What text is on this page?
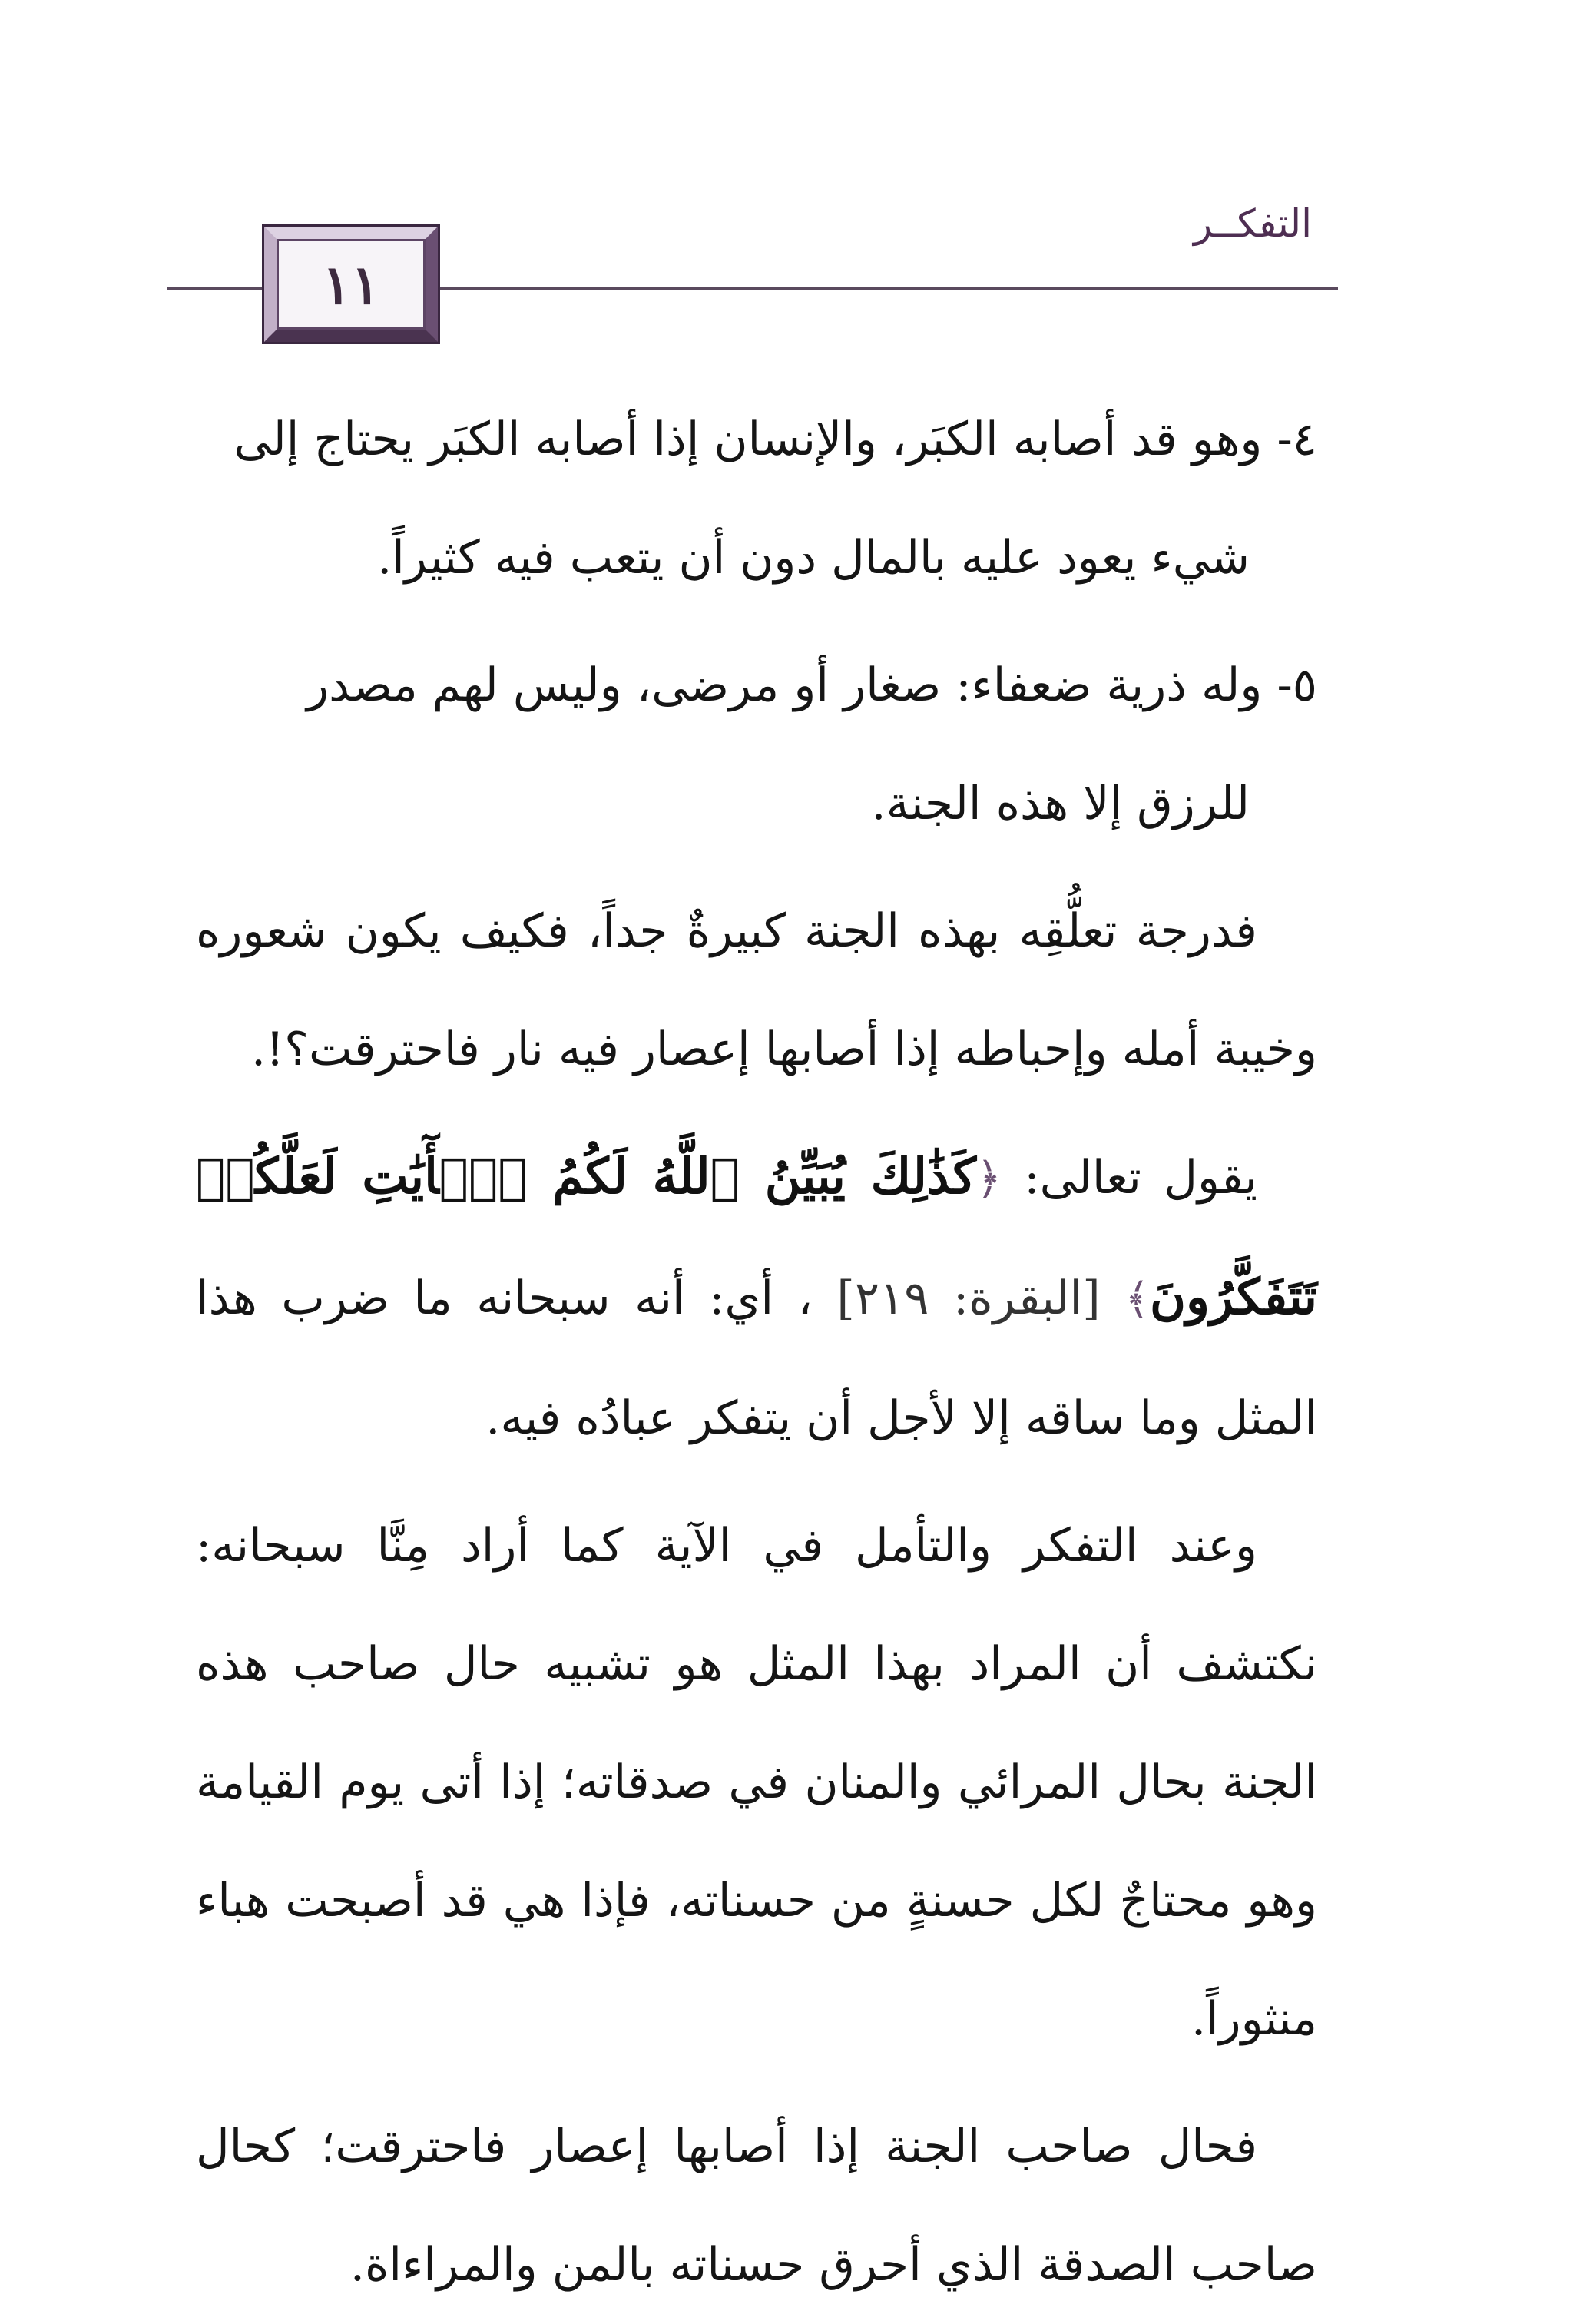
التفكــر
١١

٤- وهو قد أصابه الكبَر، والإنسان إذا أصابه الكبَر يحتاج إلى

شيء يعود عليه بالمال دون أن يتعب فيه كثيراً.

٥- وله ذرية ضعفاء: صغار أو مرضى، وليس لهم مصدر

للرزق إلا هذه الجنة.

فدرجة تعلُّقِه بهذه الجنة كبيرةٌ جداً، فكيف يكون شعوره وخيبة أمله وإحباطه إذا أصابها إعصار فيه نار فاحترقت؟!.

يقول تعالى: ﴿كَذَٰلِكَ يُبَيِّنُ ٱللَّهُ لَكُمُ ٱلۡأٓيَٰتِ لَعَلَّكُمۡ تَتَفَكَّرُونَ﴾ [البقرة: ٢١٩] ، أي: أنه سبحانه ما ضرب هذا المثل وما ساقه إلا لأجل أن يتفكر عبادُه فيه.

وعند التفكر والتأمل في الآية كما أراد مِنَّا سبحانه: نكتشف أن المراد بهذا المثل هو تشبيه حال صاحب هذه الجنة بحال المرائي والمنان في صدقاته؛ إذا أتى يوم القيامة وهو محتاجٌ لكل حسنةٍ من حسناته، فإذا هي قد أصبحت هباء منثوراً.

فحال صاحب الجنة إذا أصابها إعصار فاحترقت؛ كحال صاحب الصدقة الذي أحرق حسناته بالمن والمراءاة.
